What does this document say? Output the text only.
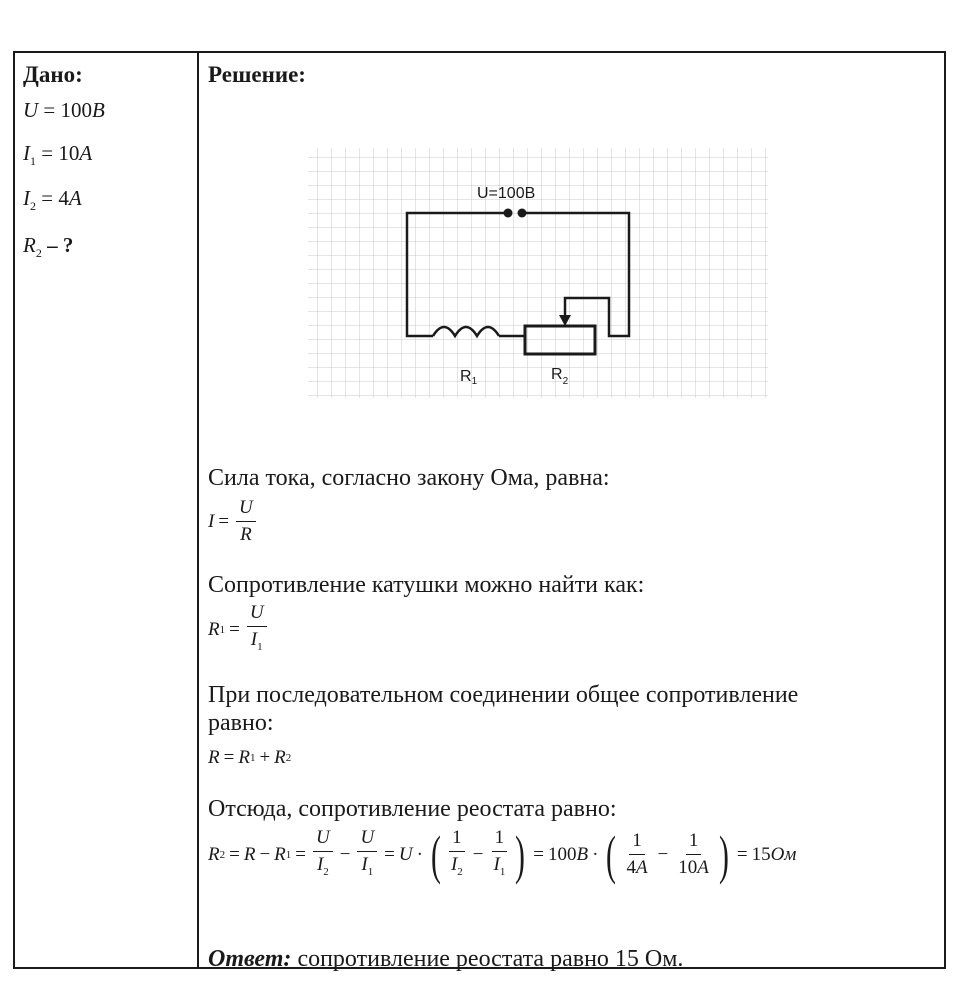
Дано:
U = 100B
$I_1 = 10A$
$I_2 = 4A$
$R_2$ – ?
Решение:
U=100B
R1	$R_2$
Сила тока, согласно закону Ома, равна:
$I = \frac{U}{R}$
Сопротивление катушки можно найти как:
R $1 = \frac{U}{I_1}$
При последовательном соединении общее сопротивление
равно:
R = R 1 + R 2
Отсюда, сопротивление реостата равно:
R 2 = R − R $1 = \frac{U}{I_2} - \frac{U}{I_1} = U$ · ( $\frac{1}{I_2} - \frac{1}{I_1}$ ) = 100 B · ( $\frac{1}{4A} - \frac{1}{10A}$ ) = 15 Ом
Ответ: сопротивление реостата равно 15 Ом.
